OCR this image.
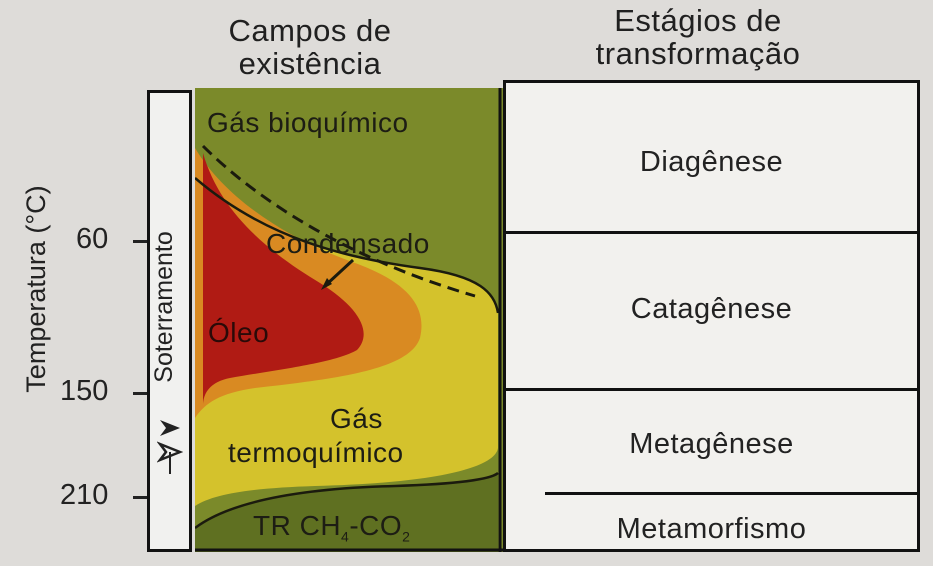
Campos de
existência
Estágios de
transformação
Temperatura (°C) 60
150
210
Soterramento
Gás bioquímico
Condensado
Óleo
Gás
termoquímico
TR $CH_4-CO_2$
Diagênese
Catagênese
Metagênese
Metamorfismo
